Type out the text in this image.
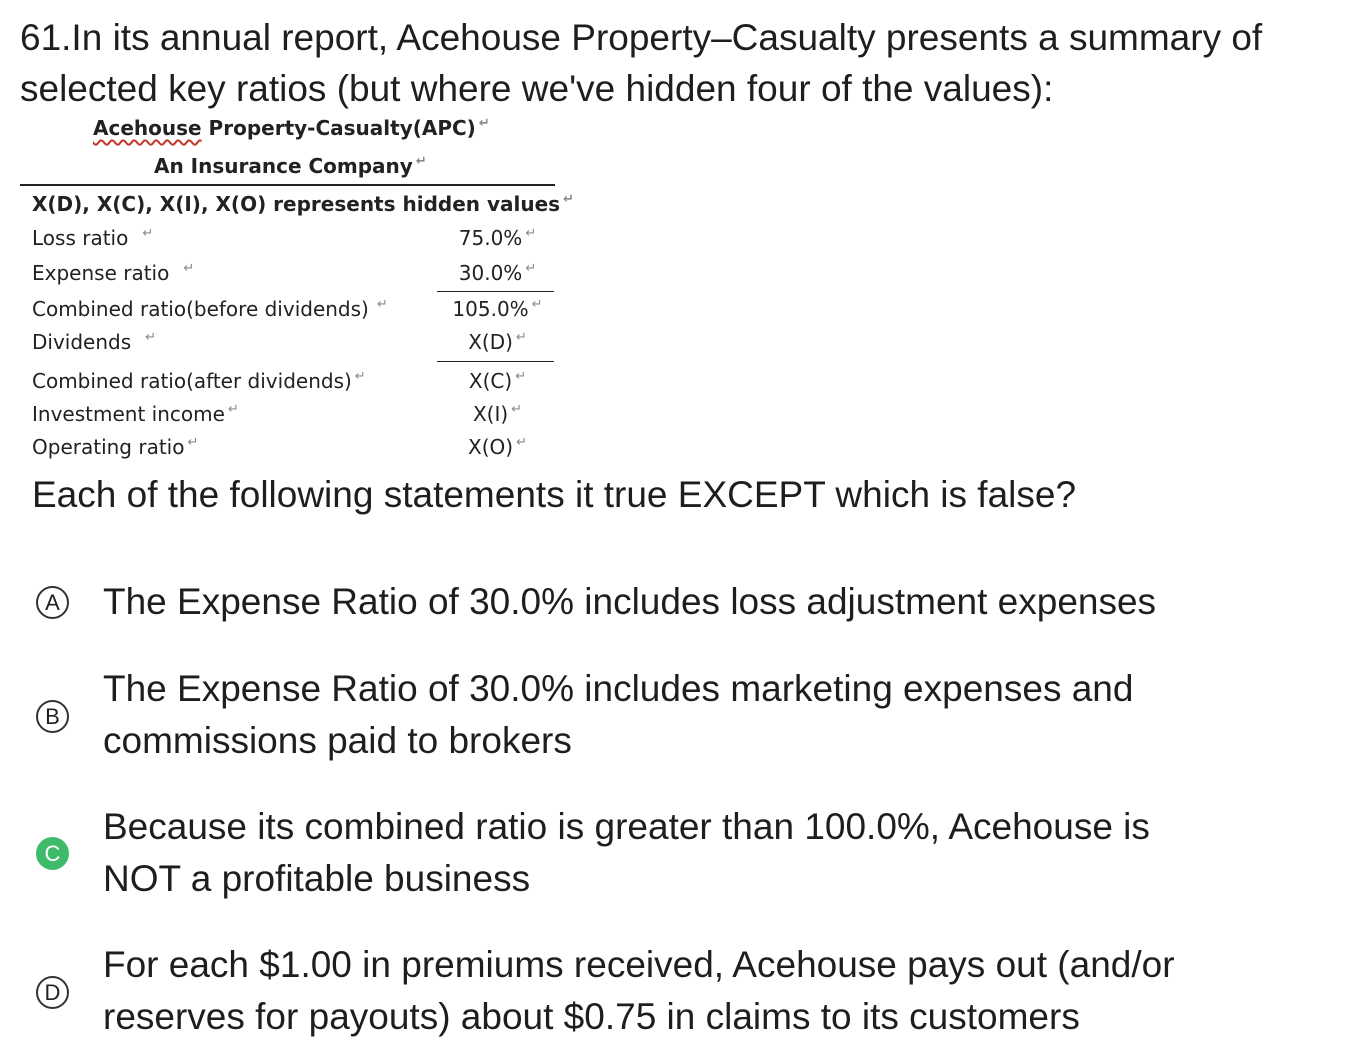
61.In its annual report, Acehouse Property–Casualty presents a summary of selected key ratios (but where we've hidden four of the values):
Acehouse Property-Casualty(APC) ↵
An Insurance Company ↵
X(D), X(C), X(I), X(O) represents hidden values ↵
Loss ratio ↵	75.0% ↵
Expense ratio ↵	30.0% ↵
Combined ratio(before dividends) ↵	105.0% ↵
Dividends ↵	X(D) ↵
Combined ratio(after dividends) ↵	X(C) ↵
Investment income ↵	X(I) ↵
Operating ratio ↵	X(O) ↵
Each of the following statements it true EXCEPT which is false?
A The Expense Ratio of 30.0% includes loss adjustment expenses
B
The Expense Ratio of 30.0% includes marketing expenses and commissions paid to brokers
C
Because its combined ratio is greater than 100.0%, Acehouse is NOT a profitable business
D
For each $1.00 in premiums received, Acehouse pays out (and/or reserves for payouts) about $0.75 in claims to its customers
